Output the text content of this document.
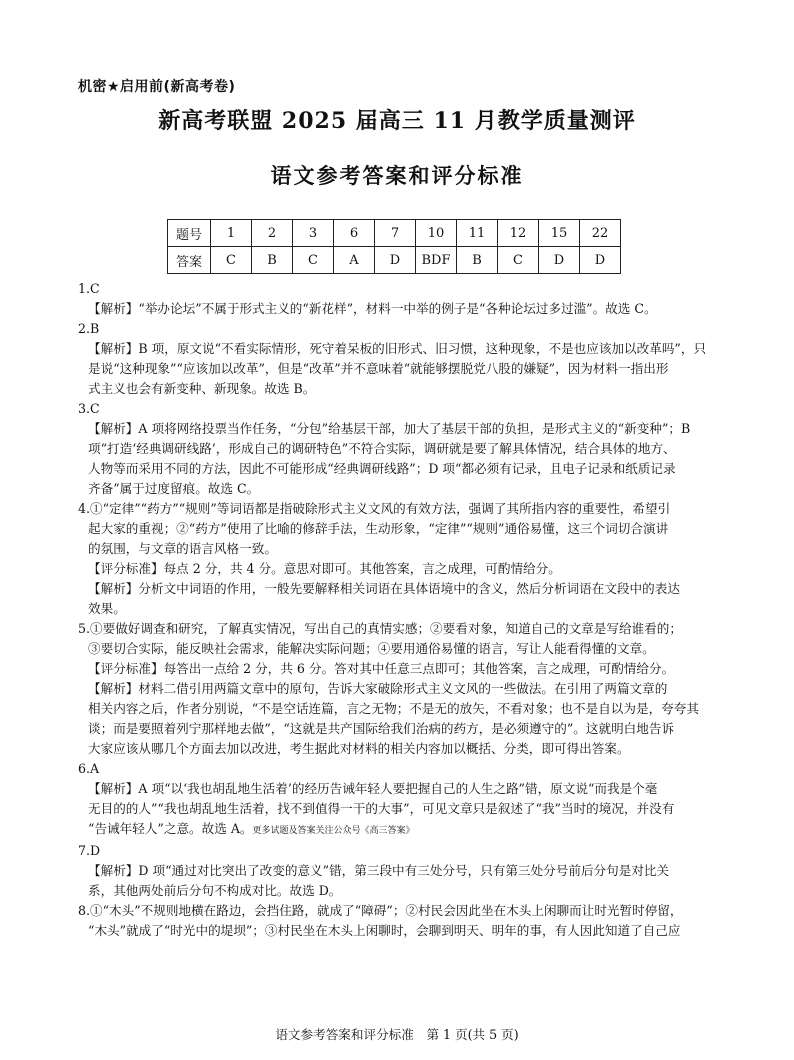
机密★启用前(新高考卷)
新高考联盟 2025 届高三 11 月教学质量测评
语文参考答案和评分标准
题号	1	2	3	6	7	10	11	12	15	22
答案	C	B	C	A	D	BDF	B	C	D	D

1.C

【解析】“举办论坛”不属于形式主义的“新花样”，材料一中举的例子是“各种论坛过多过滥”。故选 C。

2.B

【解析】B 项，原文说“不看实际情形，死守着呆板的旧形式、旧习惯，这种现象，不是也应该加以改革吗”，只

是说“这种现象”“应该加以改革”，但是“改革”并不意味着“就能够摆脱党八股的嫌疑”，因为材料一指出形

式主义也会有新变种、新现象。故选 B。

3.C

【解析】A 项将网络投票当作任务，“分包”给基层干部，加大了基层干部的负担，是形式主义的“新变种”；B

项“打造‘经典调研线路’，形成自己的调研特色”不符合实际，调研就是要了解具体情况，结合具体的地方、

人物等而采用不同的方法，因此不可能形成“经典调研线路”；D 项“都必须有记录，且电子记录和纸质记录

齐备”属于过度留痕。故选 C。

4.①“定律”“药方”“规则”等词语都是指破除形式主义文风的有效方法，强调了其所指内容的重要性，希望引

起大家的重视；②“药方”使用了比喻的修辞手法，生动形象，“定律”“规则”通俗易懂，这三个词切合演讲

的氛围，与文章的语言风格一致。

【评分标准】每点 2 分，共 4 分。意思对即可。其他答案，言之成理，可酌情给分。

【解析】分析文中词语的作用，一般先要解释相关词语在具体语境中的含义，然后分析词语在文段中的表达

效果。

5.①要做好调查和研究，了解真实情况，写出自己的真情实感；②要看对象，知道自己的文章是写给谁看的；

③要切合实际，能反映社会需求，能解决实际问题；④要用通俗易懂的语言，写让人能看得懂的文章。

【评分标准】每答出一点给 2 分，共 6 分。答对其中任意三点即可；其他答案，言之成理，可酌情给分。

【解析】材料二借引用两篇文章中的原句，告诉大家破除形式主义文风的一些做法。在引用了两篇文章的

相关内容之后，作者分别说，“不是空话连篇，言之无物；不是无的放矢，不看对象；也不是自以为是，夸夸其

谈；而是要照着列宁那样地去做”，“这就是共产国际给我们治病的药方，是必须遵守的”。这就明白地告诉

大家应该从哪几个方面去加以改进，考生据此对材料的相关内容加以概括、分类，即可得出答案。

6.A

【解析】A 项“以‘我也胡乱地生活着’的经历告诫年轻人要把握自己的人生之路”错，原文说“而我是个毫

无目的的人”“我也胡乱地生活着，找不到值得一干的大事”，可见文章只是叙述了“我”当时的境况，并没有

“告诫年轻人”之意。故选 A。更多试题及答案关注公众号《高三答案》

7.D

【解析】D 项“通过对比突出了改变的意义”错，第三段中有三处分号，只有第三处分号前后分句是对比关

系，其他两处前后分句不构成对比。故选 D。

8.①“木头”不规则地横在路边，会挡住路，就成了“障碍”；②村民会因此坐在木头上闲聊而让时光暂时停留，

“木头”就成了“时光中的堤坝”；③村民坐在木头上闲聊时，会聊到明天、明年的事，有人因此知道了自己应

语文参考答案和评分标准　第 1 页(共 5 页)
